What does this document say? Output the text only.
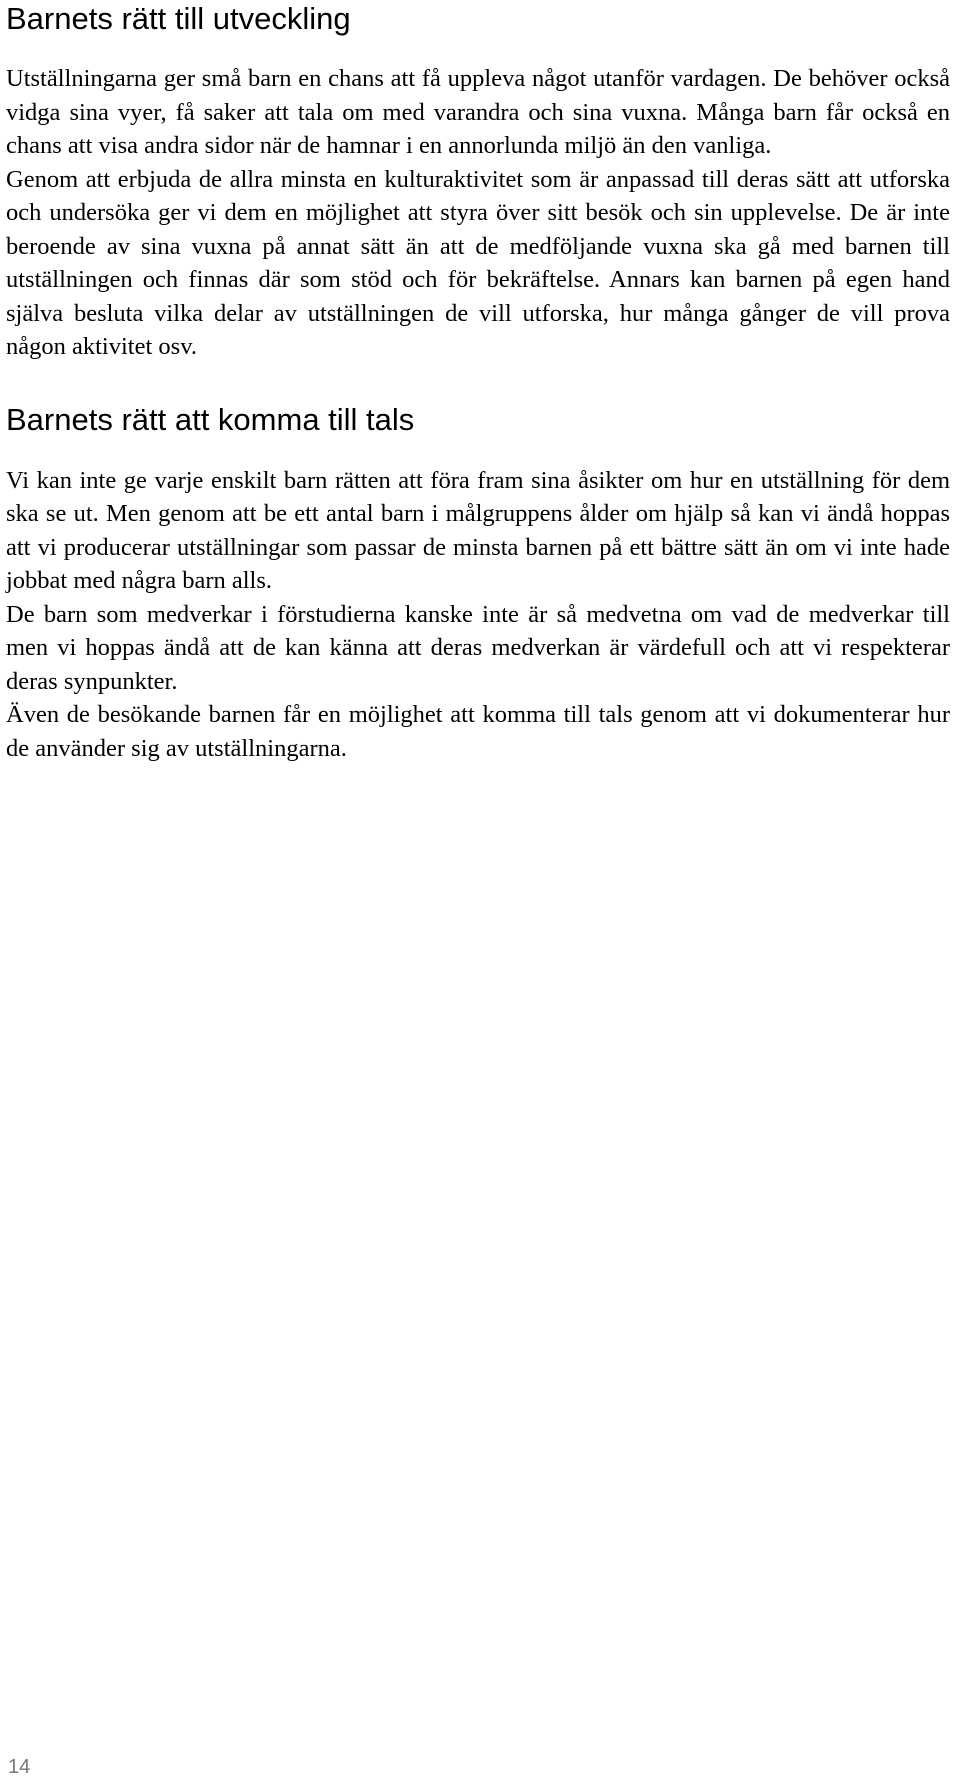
Barnets rätt till utveckling

Utställningarna ger små barn en chans att få uppleva något utanför vardagen. De behöver också vidga sina vyer, få saker att tala om med varandra och sina vuxna. Många barn får också en chans att visa andra sidor när de hamnar i en annorlunda miljö än den vanliga.

Genom att erbjuda de allra minsta en kulturaktivitet som är anpassad till deras sätt att utforska och undersöka ger vi dem en möjlighet att styra över sitt besök och sin upplevelse. De är inte beroende av sina vuxna på annat sätt än att de medföljande vuxna ska gå med barnen till utställningen och finnas där som stöd och för bekräftelse. Annars kan barnen på egen hand själva besluta vilka delar av utställningen de vill utforska, hur många gånger de vill prova någon aktivitet osv.

Barnets rätt att komma till tals

Vi kan inte ge varje enskilt barn rätten att föra fram sina åsikter om hur en utställning för dem ska se ut. Men genom att be ett antal barn i målgruppens ålder om hjälp så kan vi ändå hoppas att vi producerar utställningar som passar de minsta barnen på ett bättre sätt än om vi inte hade jobbat med några barn alls.

De barn som medverkar i förstudierna kanske inte är så medvetna om vad de medverkar till men vi hoppas ändå att de kan känna att deras medverkan är värdefull och att vi respekterar deras synpunkter.

Även de besökande barnen får en möjlighet att komma till tals genom att vi dokumenterar hur de använder sig av utställningarna.

14
